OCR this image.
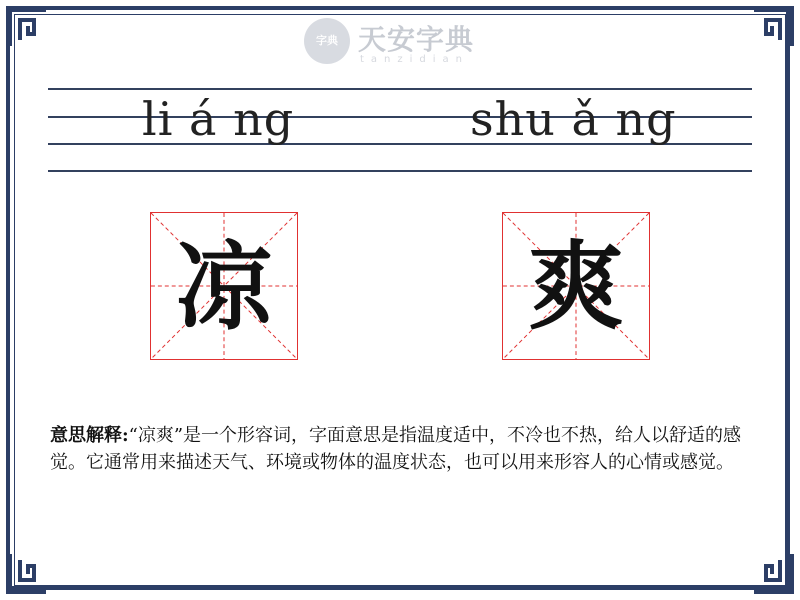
字典 天安字典
tanzidian
li á ng	shu ǎ ng
凉	爽
意思解释:“凉爽”是一个形容词，字面意思是指温度适中，不冷也不热，给人以舒适的感觉。它通常用来描述天气、环境或物体的温度状态，也可以用来形容人的心情或感觉。
